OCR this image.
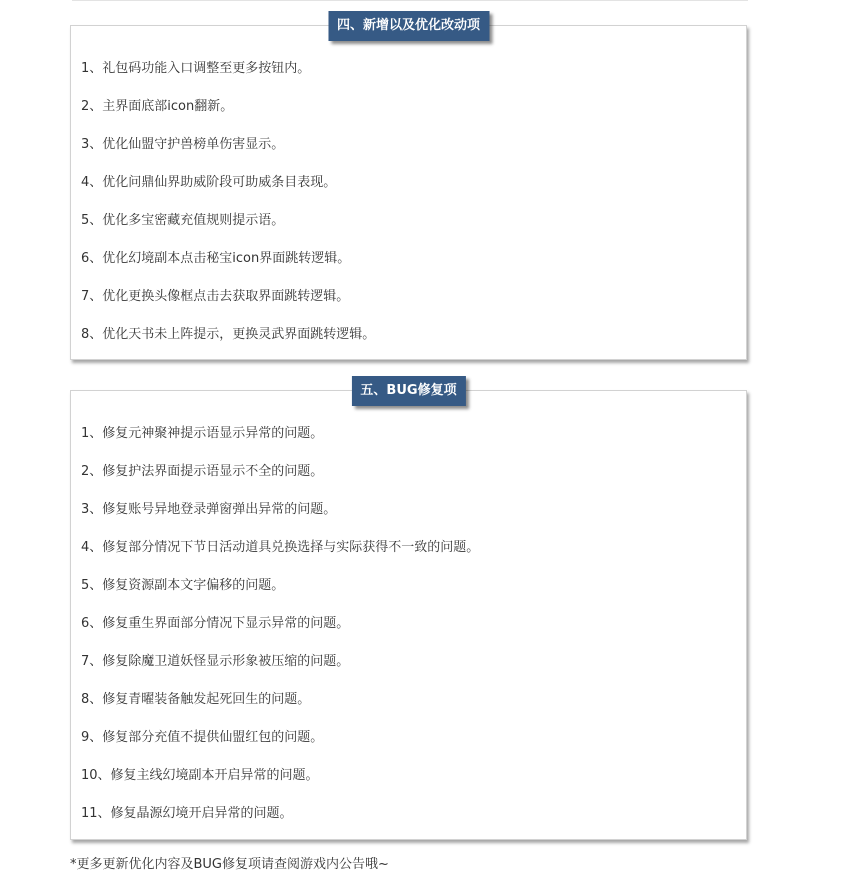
四、新增以及优化改动项
1、礼包码功能入口调整至更多按钮内。
2、主界面底部icon翻新。
3、优化仙盟守护兽榜单伤害显示。
4、优化问鼎仙界助威阶段可助威条目表现。
5、优化多宝密藏充值规则提示语。
6、优化幻境副本点击秘宝icon界面跳转逻辑。
7、优化更换头像框点击去获取界面跳转逻辑。
8、优化天书未上阵提示，更换灵武界面跳转逻辑。
五、BUG修复项
1、修复元神聚神提示语显示异常的问题。
2、修复护法界面提示语显示不全的问题。
3、修复账号异地登录弹窗弹出异常的问题。
4、修复部分情况下节日活动道具兑换选择与实际获得不一致的问题。
5、修复资源副本文字偏移的问题。
6、修复重生界面部分情况下显示异常的问题。
7、修复除魔卫道妖怪显示形象被压缩的问题。
8、修复青曜装备触发起死回生的问题。
9、修复部分充值不提供仙盟红包的问题。
10、修复主线幻境副本开启异常的问题。
11、修复晶源幻境开启异常的问题。
*更多更新优化内容及BUG修复项请查阅游戏内公告哦~
